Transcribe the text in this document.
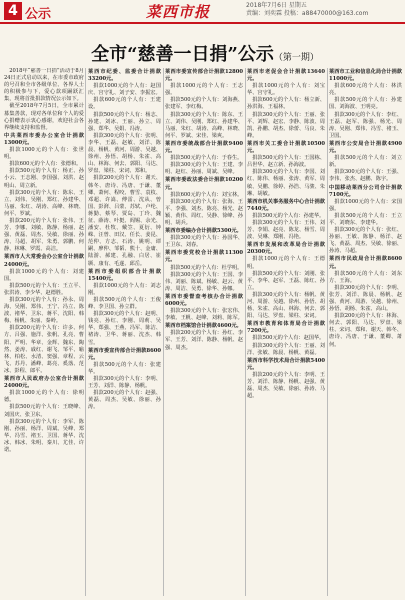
4 公示	菜西市报	2018年7月6日 星期五
责编：刘奕霖 投稿：a88470000@163.com
全市“慈善一日捐”公示（第一期）

2018年“慈善一日捐”活动于8月24日正式启动以来，在市委市政府的号召和全市各级单位、各界人士的积极参与下，爱心款项踊跃汇集，现将首批捐款情况公示如下。

截至2018年7月5日，全市累计募集善款，现对各单位和个人的爱心捐赠表示衷心感谢，欢迎社会各界继续支持和监督。

中共莱西市委办公室合计捐款13000元。

捐款1000元的个人有：张世明。

捐款600元的个人有：张德和。

捐款500元的个人有：杨正、孙小云、王志刚、李国强、刘洪、赵明山、周立新。

捐款300元的个人有：陈东、王立、刘伟、吴刚、郑红、孙建华、马丽、朱红、胡涛、高峰、林晓、何平、罗斌。

捐款200元的个人有：张伟、王芳、李娜、刘敏、陈静、杨丽、赵强、黄磊、周杰、吴敏、徐丽、孙涛、马超、胡军、朱勇、郭鹏、何静、林琳、罗霞、高洁。

莱西市人大常委会办公室合计捐款24000元。

捐款1000元的个人有：刘建国。

捐款500元的个人有：王立平、张洪涛、李少华、赵德胜。

捐款300元的个人有：孙永、周海、吴刚、郑伟、王宁、冯立、陈波、褚华、卫东、蒋平、沈阳、韩梅、杨帆、朱丽、秦岭。

捐款200元的个人有：许多、何方、吕强、施洋、张帆、孔亮、曹阳、严明、华章、金辉、魏东、陶然、姜涛、戚红、谢飞、邹平、喻林、柏松、水清、窦强、章程、云飞、苏丹、潘峰、葛亮、奚落、范冰、彭程、郎平。

莱西市人民政府办公室合计捐款24000元。

捐款1000元的个人有：徐明德。

捐款500元的个人有：王晓峰、刘国庆、张卫东。

捐款300元的个人有：李军、陈刚、孙丽、杨洋、周斌、吴峰、郑华、冯雪、褚玉、卫国、蒋华、沈冰、韩冰、朱明、秦川、尤佳、许诺。

莱西市纪委、监委合计捐款33200元。

捐款1000元的个人有：赵国庆、宫守礼、刘子安、李振宏。

捐款600元的个人有：王建设。

捐款500元的个人有：杨志、孙建、刘冰、王丽、孙立、周强、郑华、吴娟、冯涛。

捐款300元的个人有：张明、李华、王磊、赵敏、刘洋、陈晨、杨帆、黄河、周游、吴越、徐州、孙悟、胡杨、朱雀、高山、林海、何去、郭阳、马达、罗盘、梁柱、宋词、郑和。

捐款200元的个人有：谢天、韩冬、唐诗、冯唐、于谦、董卿、萧何、程咬、曹雪、袁枚、邓超、许嵩、傅雷、沈从、曾国、彭湃、吕蒙、苏轼、卢纶、蒋勤、蔡琴、贾岛、丁玲、魏征、薛涛、叶挺、阎锡、余光、潘安、杜牧、戴笠、夏衍、钟嵘、汪曾、田汉、任长、姜昆、范仲、方志、石涛、姚明、谭嗣、廖仲、邹韬、熊十、金庸、陆游、郝建、孔融、白居、崔颢、康有、毛遂、邱岳。

莱西市委组织部合计捐款15400元。

捐款1000元的个人有：刘志刚。

捐款500元的个人有：王俊峰、李卫国、孙立群。

捐款300元的个人有：赵明、钱亮、孙红、李刚、周莉、吴华、郑强、王燕、冯军、陈洁、褚涛、卫华、蒋丽、沈杰、韩雪。

莱西市委宣传部合计捐款8600元。

捐款500元的个人有：张建华。

捐款300元的个人有：李明、王芳、刘洋、陈静、杨帆。

捐款200元的个人有：赵强、黄磊、周杰、吴敏、徐丽、孙涛。

莱西市委宣传部合计捐款12800元。

捐款1000元的个人有：王志强。

捐款500元的个人有：刘海燕、张建军、李红梅。

捐款300元的个人有：陈东、王立、刘伟、吴刚、郑红、孙建华、马丽、朱红、胡涛、高峰、林晓、何平、罗斌、宋佳、梁爽。

莱西市委统战部合计捐款9400元。

捐款500元的个人有：于春生。

捐款300元的个人有：王建、李明、赵红、孙丽、周斌、吴峰。

莱西市委政法委合计捐款10200元。

捐款600元的个人有：刘宝林。

捐款300元的个人有：张海、王平、李强、刘杰、陈亮、杨光、赵颖、黄伟、周红、吴静、徐峰、孙明、胡兵。

莱西市委编办合计捐款5300元。

捐款300元的个人有：孙国华、王卫东、刘春。

莱西市委党校合计捐款11300元。

捐款500元的个人有：杜学明。

捐款300元的个人有：王国、李伟、刘丽、陈斌、杨敏、赵云、黄涛、周洁、吴勇、徐华、孙娜。

莱西市委督查考核办合计捐款6000元。

捐款300元的个人有：张宏伟、李敏、王帆、赵峰、刘莉、陈军。

莱西市档案馆合计捐款4600元。

捐款200元的个人有：孙红、李军、王芳、刘洋、陈静、杨帆、赵强、周杰。

莱西市老促会合计捐款13640元。

捐款1000元的个人有：刘宝华、宫守礼。

捐款600元的个人有：杨立新、孙洪海、王福林。

捐款300元的个人有：王丽、张平、刘辉、赵宏、李静、陈波、周凯、孙鹏、胡杰、徐蕾、马良、朱峰。

莱西市关工委合计捐款10500元。

捐款500元的个人有：王国栋、吕世华、赵立新、孙海波。

捐款300元的个人有：李国、刘红、陈伟、杨丽、张涛、黄军、周敏、吴鹏、徐婷、孙浩、马骏、朱琳、胡敏。

莱西市机关事务服务中心合计捐款7440元。

捐款500元的个人有：孙建华。

捐款300元的个人有：王伟、刘芳、李娟、赵亮、陈龙、杨雪、周波、吴琳、郑刚、冯艳。

莱西市发展和改革局合计捐款20300元。

捐款1000元的个人有：王德明。

捐款500元的个人有：刘刚、张平、李华、赵军、王磊、陈红、孙立。

捐款300元的个人有：杨帆、黄河、周游、吴越、徐州、孙悟、胡杨、朱雀、高山、林海、何去、郭阳、马达、罗盘、梁柱、宋词。

莱西市教育和体育局合计捐款7200元。

捐款500元的个人有：赵国华。

捐款300元的个人有：王丽、刘洋、张敏、陈晨、杨帆、黄磊。

莱西市科学技术局合计捐款5400元。

捐款200元的个人有：李明、王芳、刘洋、陈静、杨帆、赵强、黄磊、周杰、吴敏、徐丽、孙涛、马超。

莱西市工业和信息化局合计捐款11000元。

捐款600元的个人有：林洪亮。

捐款500元的个人有：孙建国、刘海波、王明亮。

捐款300元的个人有：李红、王磊、赵军、陈强、杨光、周涛、吴刚、郑伟、冯雪、褚玉、卫国。

莱西市公安局合计捐款4900元。

捐款500元的个人有：刘立新。

捐款300元的个人有：王强、李伟、张杰、赵鹏、陈宇。

中国移动莱西分公司合计捐款7100元。

捐款1000元的个人有：宋国强。

捐款500元的个人有：王立平、刘晓东、李建华。

捐款300元的个人有：张红、孙丽、王敏、陈静、杨洋、赵飞、黄磊、周杰、吴敏、徐丽、孙涛、马超。

莱西市民政局合计捐款8600元。

捐款500元的个人有：刘东方、王海。

捐款300元的个人有：李明、张芳、刘洋、陈晨、杨帆、赵强、黄河、周游、吴越、徐州、孙悟、胡杨、朱雀、高山。

捐款200元的个人有：林海、何去、郭阳、马达、罗盘、梁柱、宋词、郑和、谢天、韩冬、唐诗、冯唐、于谦、董卿、萧何。
